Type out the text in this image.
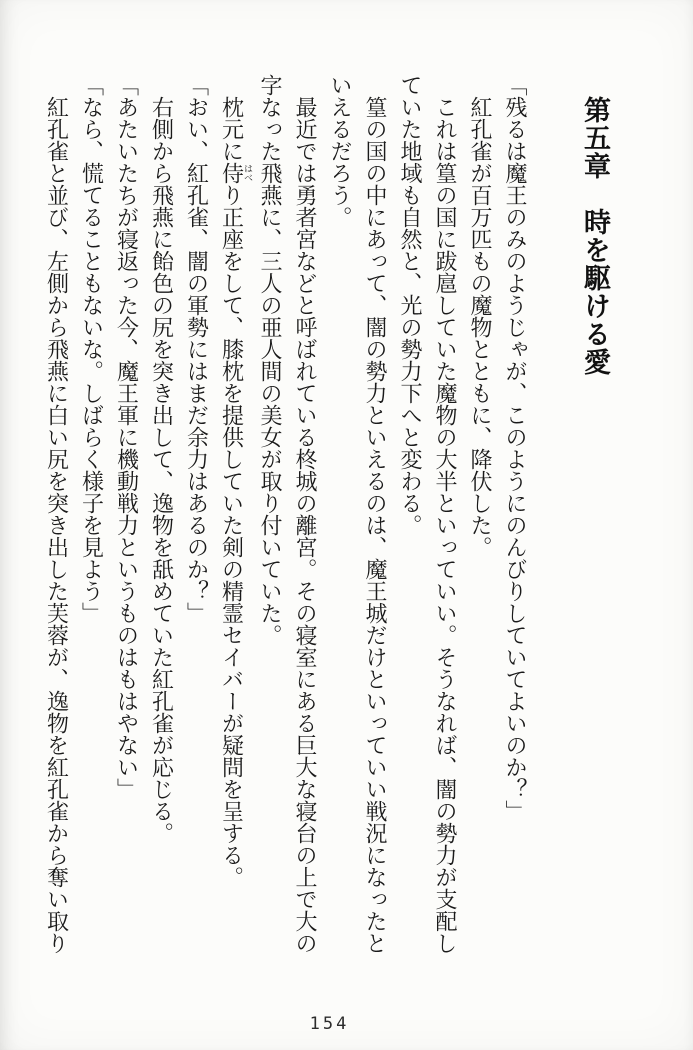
第五章　時を駆ける愛

「残るは魔王のみのようじゃが、このようにのんびりしていてよいのか？」

紅孔雀が百万匹もの魔物とともに、降伏した。

これは篁の国に跋扈していた魔物の大半といっていい。そうなれば、闇の勢力が支配していた地域も自然と、光の勢力下へと変わる。

篁の国の中にあって、闇の勢力といえるのは、魔王城だけといっていい戦況になったといえるだろう。

最近では勇者宮などと呼ばれている柊城の離宮。その寝室にある巨大な寝台の上で大の字なった飛燕に、三人の亜人間の美女が取り付いていた。

枕元に侍はべり正座をして、膝枕を提供していた剣の精霊セイバーが疑問を呈する。

「おい、紅孔雀、闇の軍勢にはまだ余力はあるのか？」

右側から飛燕に飴色の尻を突き出して、逸物を舐めていた紅孔雀が応じる。

「あたいたちが寝返った今、魔王軍に機動戦力というものはもはやない」

「なら、慌てることもないな。しばらく様子を見よう」

紅孔雀と並び、左側から飛燕に白い尻を突き出した芙蓉が、逸物を紅孔雀から奪い取り

154
